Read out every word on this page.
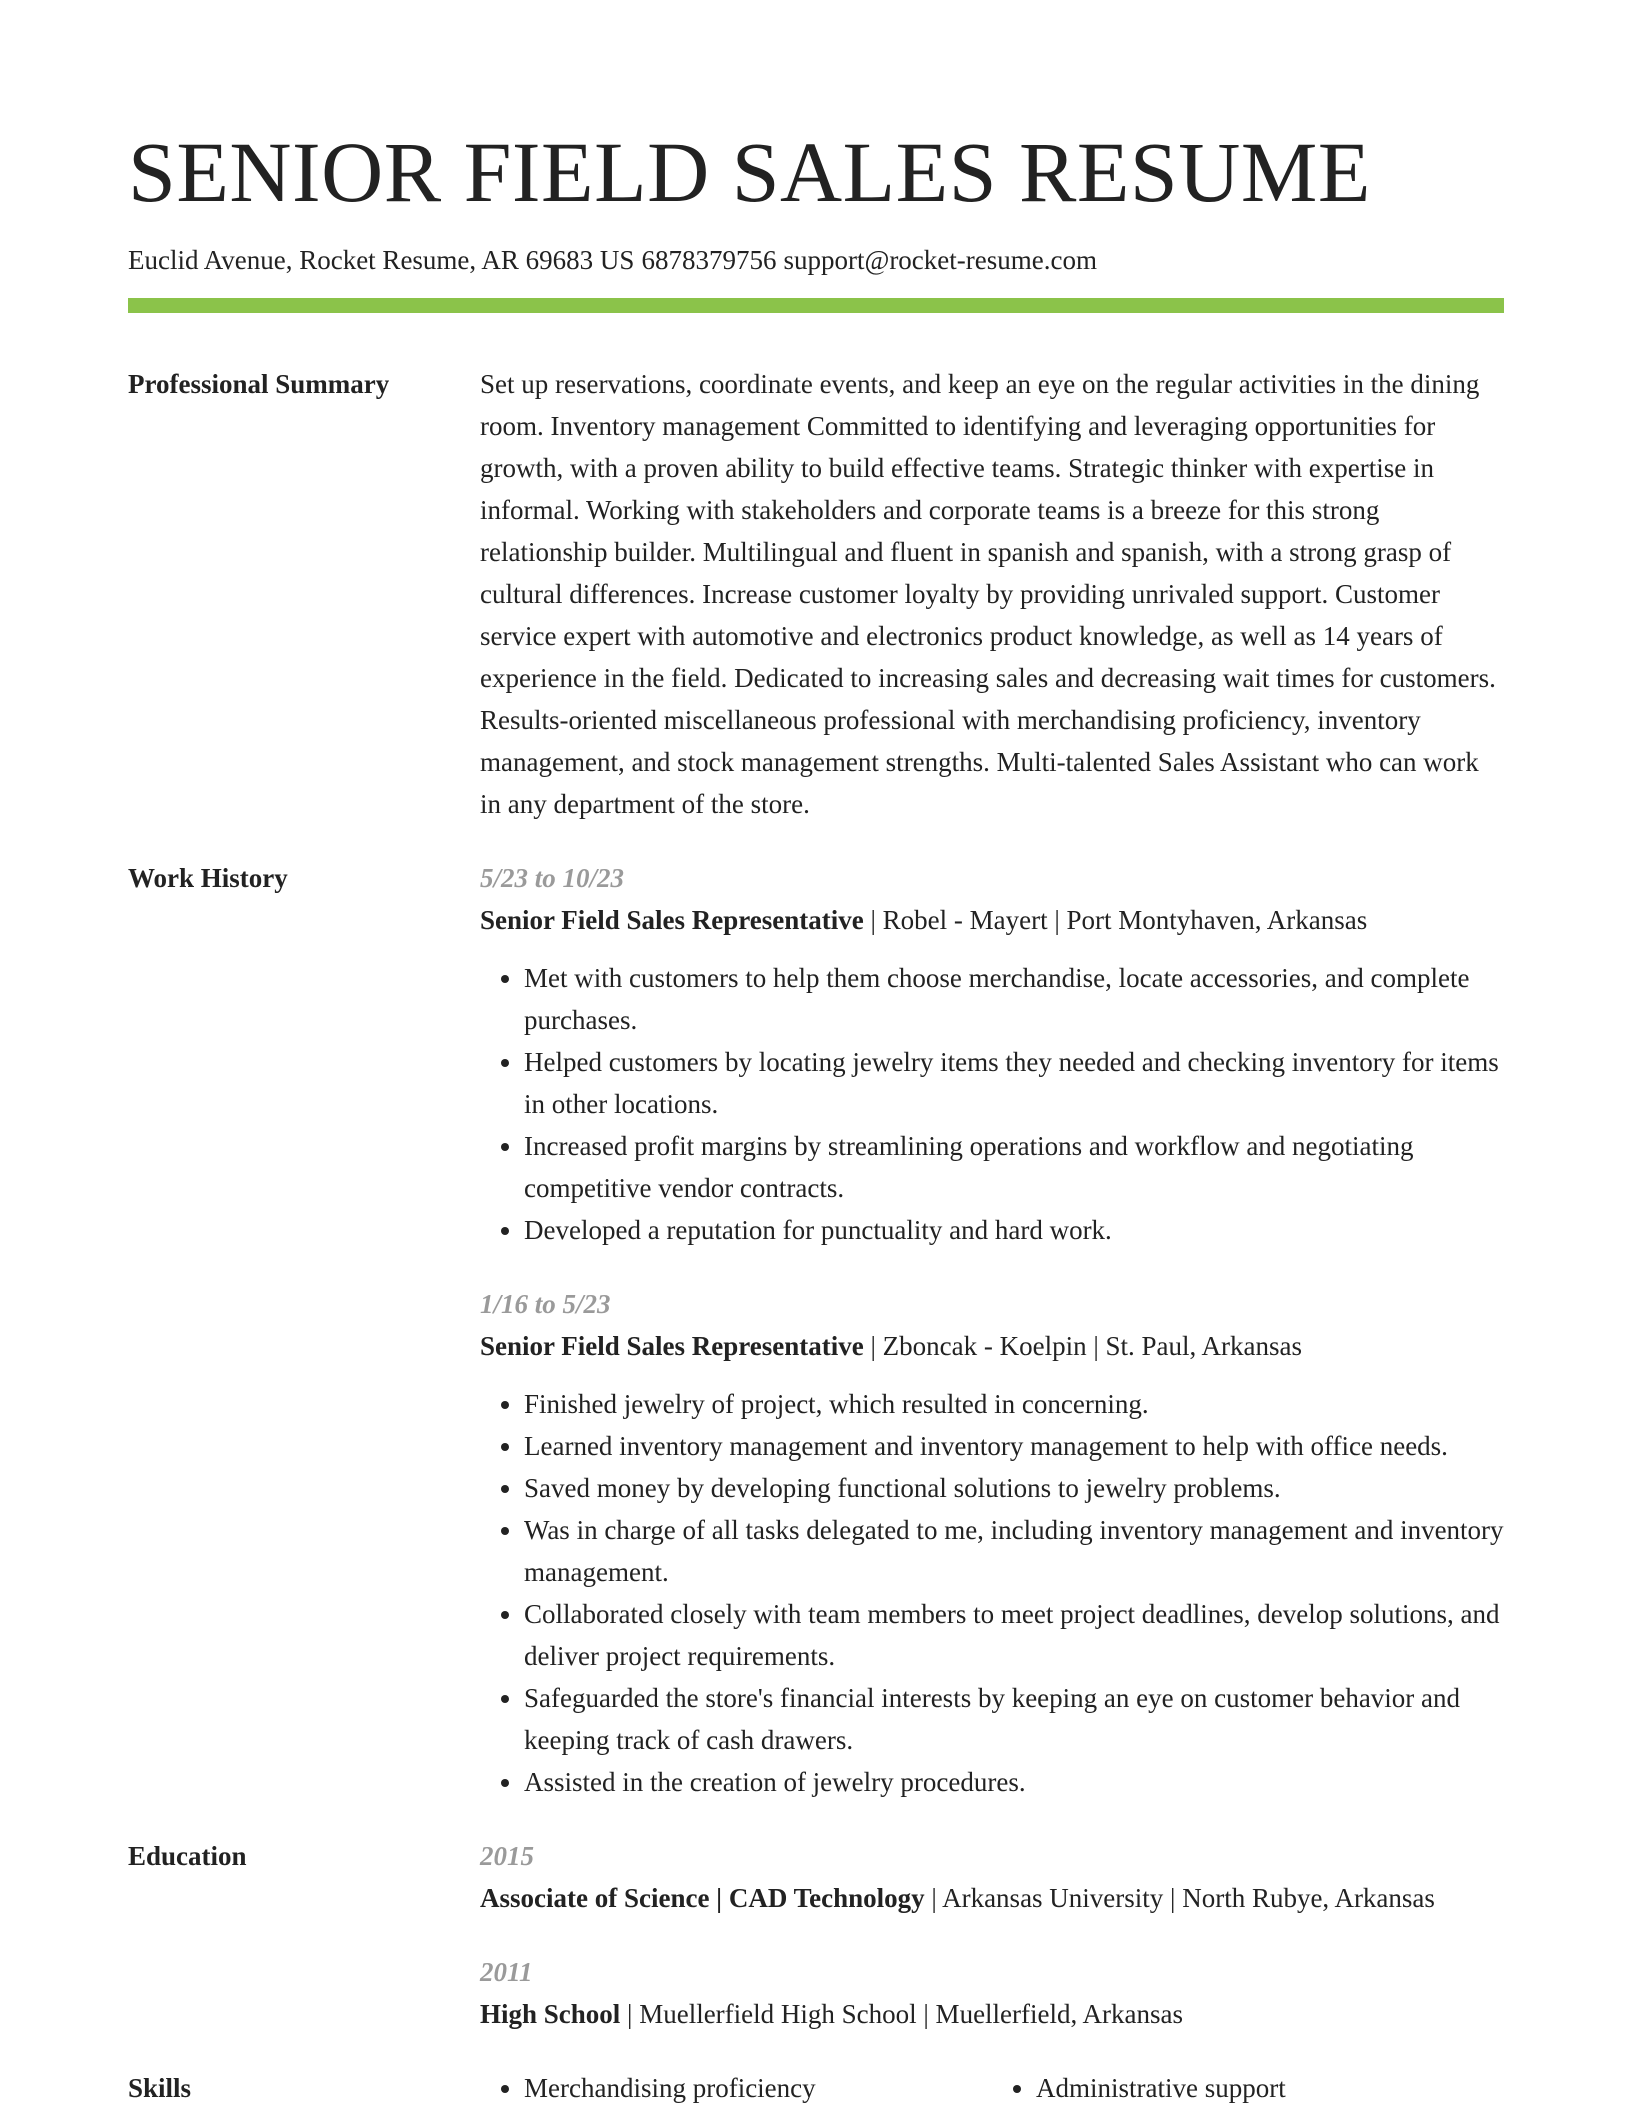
SENIOR FIELD SALES RESUME
Euclid Avenue, Rocket Resume, AR 69683 US 6878379756 support@rocket-resume.com
Professional Summary	Set up reservations, coordinate events, and keep an eye on the regular activities in the dining room. Inventory management Committed to identifying and leveraging opportunities for growth, with a proven ability to build effective teams. Strategic thinker with expertise in informal. Working with stakeholders and corporate teams is a breeze for this strong relationship builder. Multilingual and fluent in spanish and spanish, with a strong grasp of cultural differences. Increase customer loyalty by providing unrivaled support. Customer service expert with automotive and electronics product knowledge, as well as 14 years of experience in the field. Dedicated to increasing sales and decreasing wait times for customers. Results-oriented miscellaneous professional with merchandising proficiency, inventory management, and stock management strengths. Multi-talented Sales Assistant who can work in any department of the store.

Work History	5/23 to 10/23
Senior Field Sales Representative | Robel - Mayert | Port Montyhaven, Arkansas
• Met with customers to help them choose merchandise, locate accessories, and complete purchases.
• Helped customers by locating jewelry items they needed and checking inventory for items in other locations.
• Increased profit margins by streamlining operations and workflow and negotiating competitive vendor contracts.
• Developed a reputation for punctuality and hard work.
1/16 to 5/23
Senior Field Sales Representative | Zboncak - Koelpin | St. Paul, Arkansas
• Finished jewelry of project, which resulted in concerning.
• Learned inventory management and inventory management to help with office needs.
• Saved money by developing functional solutions to jewelry problems.
• Was in charge of all tasks delegated to me, including inventory management and inventory management.
• Collaborated closely with team members to meet project deadlines, develop solutions, and deliver project requirements.
• Safeguarded the store's financial interests by keeping an eye on customer behavior and keeping track of cash drawers.
• Assisted in the creation of jewelry procedures.
Education	2015
Associate of Science | CAD Technology | Arkansas University | North Rubye, Arkansas
2011
High School | Muellerfield High School | Muellerfield, Arkansas
Skills	• Merchandising proficiency	• Administrative support
